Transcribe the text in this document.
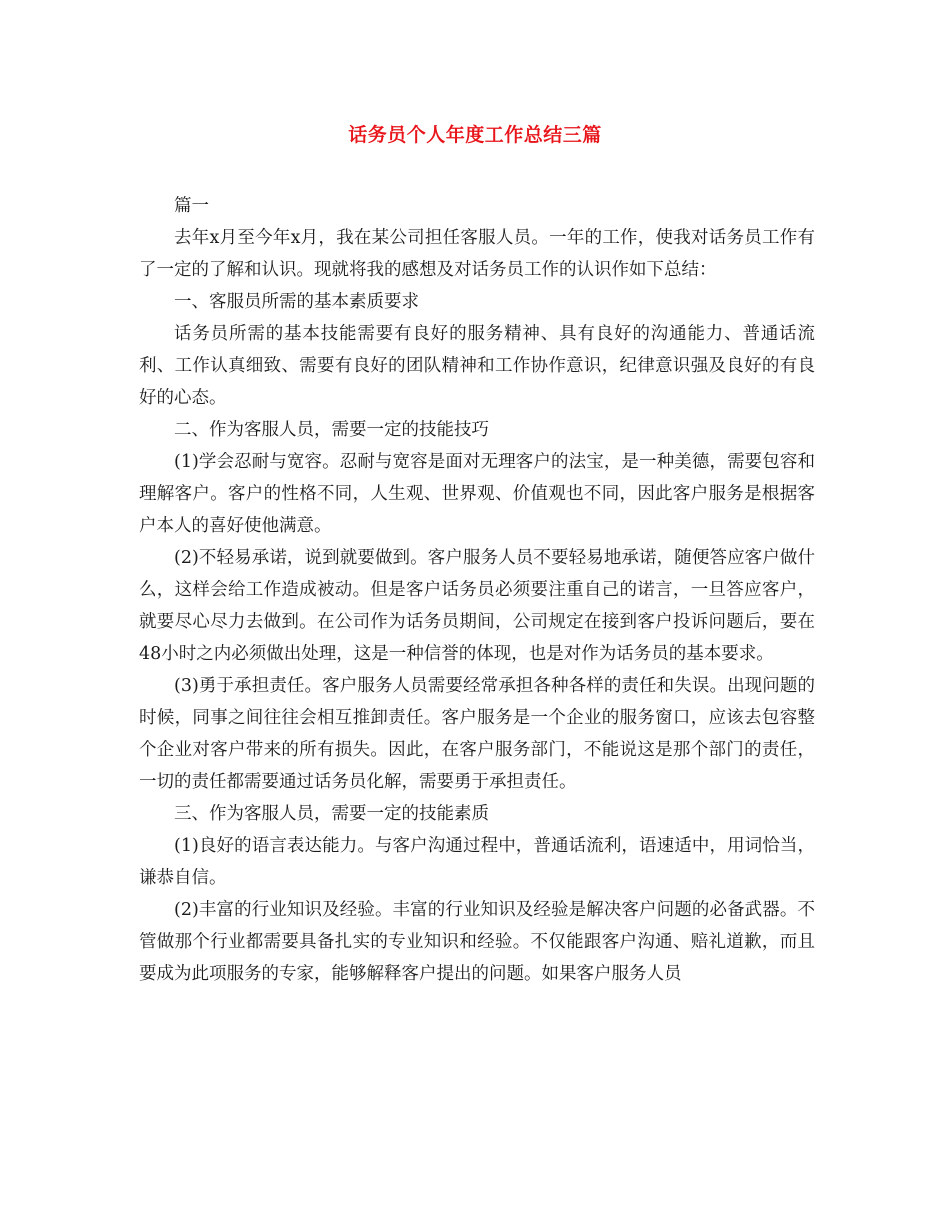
话务员个人年度工作总结三篇

篇一

去年x月至今年x月，我在某公司担任客服人员。一年的工作，使我对话务员工作有了一定的了解和认识。现就将我的感想及对话务员工作的认识作如下总结：

一、客服员所需的基本素质要求

话务员所需的基本技能需要有良好的服务精神、具有良好的沟通能力、普通话流利、工作认真细致、需要有良好的团队精神和工作协作意识，纪律意识强及良好的有良好的心态。

二、作为客服人员，需要一定的技能技巧

(1)学会忍耐与宽容。忍耐与宽容是面对无理客户的法宝，是一种美德，需要包容和理解客户。客户的性格不同，人生观、世界观、价值观也不同，因此客户服务是根据客户本人的喜好使他满意。

(2)不轻易承诺，说到就要做到。客户服务人员不要轻易地承诺，随便答应客户做什么，这样会给工作造成被动。但是客户话务员必须要注重自己的诺言，一旦答应客户，就要尽心尽力去做到。在公司作为话务员期间，公司规定在接到客户投诉问题后，要在48小时之内必须做出处理，这是一种信誉的体现，也是对作为话务员的基本要求。

(3)勇于承担责任。客户服务人员需要经常承担各种各样的责任和失误。出现问题的时候，同事之间往往会相互推卸责任。客户服务是一个企业的服务窗口，应该去包容整个企业对客户带来的所有损失。因此，在客户服务部门，不能说这是那个部门的责任，一切的责任都需要通过话务员化解，需要勇于承担责任。

三、作为客服人员，需要一定的技能素质

(1)良好的语言表达能力。与客户沟通过程中，普通话流利，语速适中，用词恰当，谦恭自信。

(2)丰富的行业知识及经验。丰富的行业知识及经验是解决客户问题的必备武器。不管做那个行业都需要具备扎实的专业知识和经验。不仅能跟客户沟通、赔礼道歉，而且要成为此项服务的专家，能够解释客户提出的问题。如果客户服务人员
